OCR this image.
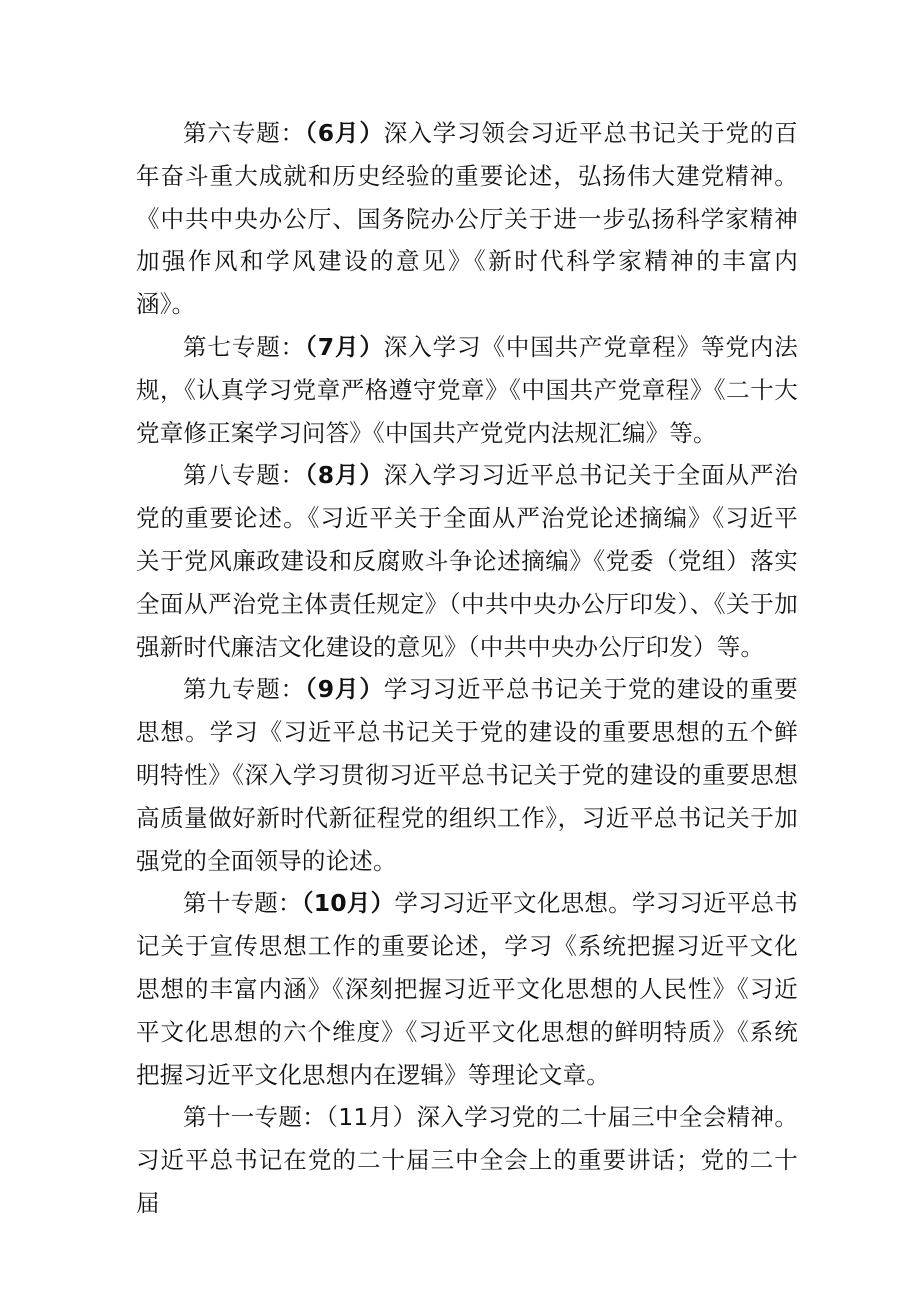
第六专题：（6月）深入学习领会习近平总书记关于党的百年奋斗重大成就和历史经验的重要论述，弘扬伟大建党精神。《中共中央办公厅、国务院办公厅关于进一步弘扬科学家精神加强作风和学风建设的意见》《新时代科学家精神的丰富内涵》。

第七专题：（7月）深入学习《中国共产党章程》等党内法规，《认真学习党章严格遵守党章》《中国共产党章程》《二十大党章修正案学习问答》《中国共产党党内法规汇编》等。

第八专题：（8月）深入学习习近平总书记关于全面从严治党的重要论述。《习近平关于全面从严治党论述摘编》《习近平关于党风廉政建设和反腐败斗争论述摘编》《党委（党组）落实全面从严治党主体责任规定》（中共中央办公厅印发）、《关于加强新时代廉洁文化建设的意见》（中共中央办公厅印发）等。

第九专题：（9月）学习习近平总书记关于党的建设的重要思想。学习《习近平总书记关于党的建设的重要思想的五个鲜明特性》《深入学习贯彻习近平总书记关于党的建设的重要思想高质量做好新时代新征程党的组织工作》，习近平总书记关于加强党的全面领导的论述。

第十专题：（10月）学习习近平文化思想。学习习近平总书记关于宣传思想工作的重要论述，学习《系统把握习近平文化思想的丰富内涵》《深刻把握习近平文化思想的人民性》《习近平文化思想的六个维度》《习近平文化思想的鲜明特质》《系统把握习近平文化思想内在逻辑》等理论文章。

第十一专题：（11月）深入学习党的二十届三中全会精神。习近平总书记在党的二十届三中全会上的重要讲话；党的二十届
